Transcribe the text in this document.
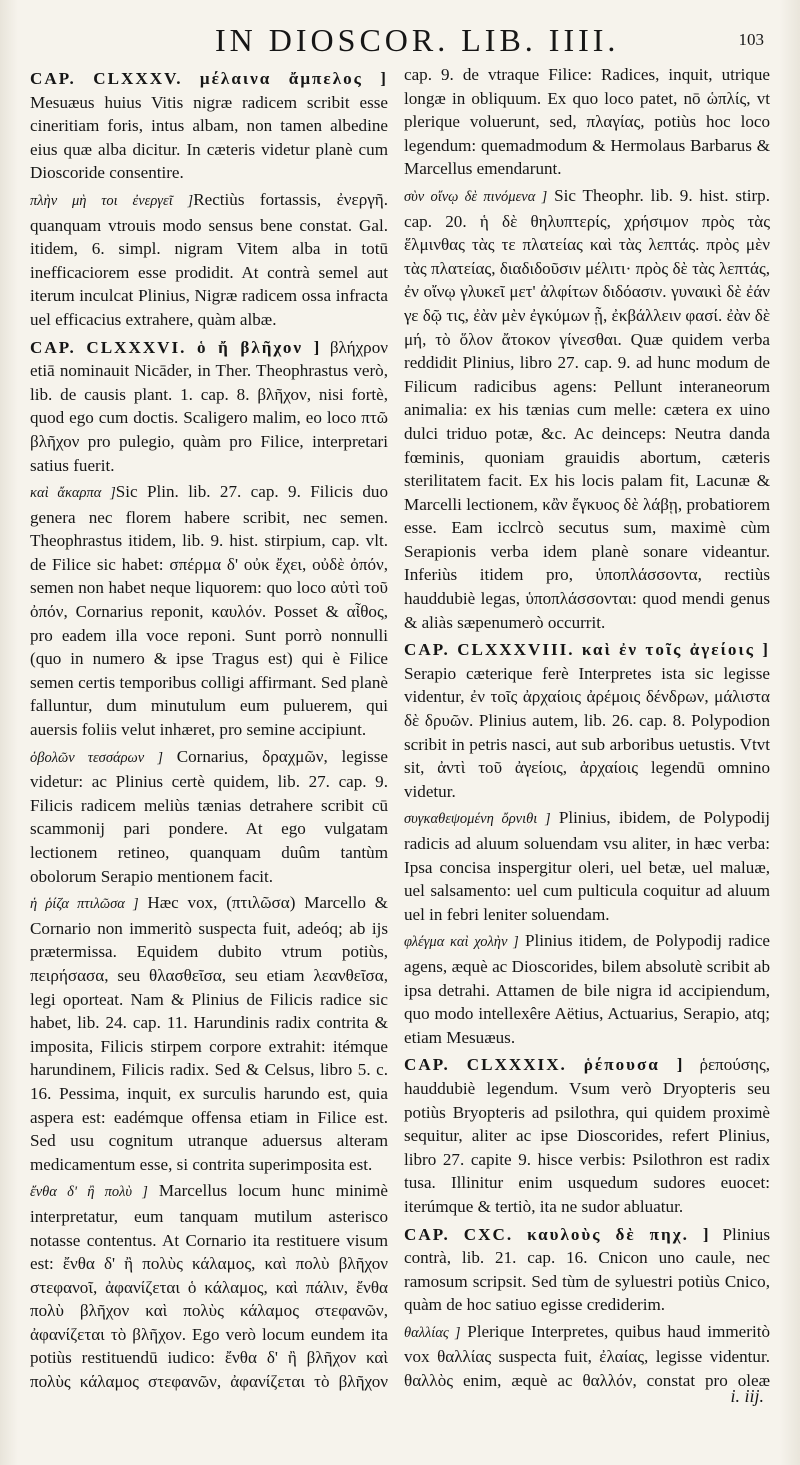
IN DIOSCOR. LIB. IIII.	103

CAP. CLXXXV. μέλαινα ἄμπελος ] Mesuæus huius Vitis nigræ radicem scribit esse cineritiam foris, intus albam, non tamen albedine eius quæ alba dicitur. In cæteris videtur planè cum Dioscoride consentire.

πλὴν μὴ τοι ἐνεργεῖ ]Rectiùs fortassis, ἐνεργῆ. quanquam vtrouis modo sensus bene constat. Gal. itidem, 6. simpl. nigram Vitem alba in totū inefficaciorem esse prodidit. At contrà semel aut iterum inculcat Plinius, Nigræ radicem ossa infracta uel efficacius extrahere, quàm albæ.

CAP. CLXXXVI. ὁ ἤ βλῆχον ] βλήχρον etiā nominauit Nicāder, in Ther. Theophrastus verò, lib. de causis plant. 1. cap. 8. βλῆχον, nisi fortè, quod ego cum doctis. Scaligero malim, eo loco πτῶ βλῆχον pro pulegio, quàm pro Filice, interpretari satius fuerit.

καὶ ἄκαρπα ]Sic Plin. lib. 27. cap. 9. Filicis duo genera nec florem habere scribit, nec semen. Theophrastus itidem, lib. 9. hist. stirpium, cap. vlt. de Filice sic habet: σπέρμα δ' οὐκ ἔχει, οὐδὲ ὀπόν, semen non habet neque liquorem: quo loco αὐτὶ τοῦ ὀπόν, Cornarius reponit, καυλόν. Posset & αἶθος, pro eadem illa voce reponi. Sunt porrò nonnulli (quo in numero & ipse Tragus est) qui è Filice semen certis temporibus colligi affirmant. Sed planè falluntur, dum minutulum eum puluerem, qui auersis foliis velut inhæret, pro semine accipiunt.

ὁβολῶν τεσσάρων ] Cornarius, δραχμῶν, legisse videtur: ac Plinius certè quidem, lib. 27. cap. 9. Filicis radicem meliùs tænias detrahere scribit cū scammonij pari pondere. At ego vulgatam lectionem retineo, quanquam duûm tantùm obolorum Serapio mentionem facit.

ἡ ῥίζα πτιλῶσα ] Hæc vox, (πτιλῶσα) Marcello & Cornario non immeritò suspecta fuit, adeóq; ab ijs prætermissa. Equidem dubito vtrum potiùs, πειρήσασα, seu θλασθεῖσα, seu etiam λεανθεῖσα, legi oporteat. Nam & Plinius de Filicis radice sic habet, lib. 24. cap. 11. Harundinis radix contrita & imposita, Filicis stirpem corpore extrahit: itémque harundinem, Filicis radix. Sed & Celsus, libro 5. c. 16. Pessima, inquit, ex surculis harundo est, quia aspera est: eadémque offensa etiam in Filice est. Sed usu cognitum utranque aduersus alteram medicamentum esse, si contrita superimposita est.

ἔνθα δ' ἢ πολὺ ] Marcellus locum hunc minimè interpretatur, eum tanquam mutilum asterisco notasse contentus. At Cornario ita restituere visum est: ἔνθα δ' ἢ πολὺς κάλαμος, καὶ πολὺ βλῆχον στεφανοῖ, ἀφανίζεται ὁ κάλαμος, καὶ πάλιν, ἔνθα πολὺ βλῆχον καὶ πολὺς κάλαμος στεφανῶν, ἀφανίζεται τὸ βλῆχον. Ego verò locum eundem ita potiùs restituendū iudico: ἔνθα δ' ἢ βλῆχον καὶ πολὺς κάλαμος στεφανῶν, ἀφανίζεται τὸ βλῆχον

cap. 9. de vtraque Filice: Radices, inquit, utrique longæ in obliquum. Ex quo loco patet, nō ὡπλίς, vt plerique voluerunt, sed, πλαγίας, potiùs hoc loco legendum: quemadmodum & Hermolaus Barbarus & Marcellus emendarunt.

σὺν οἴνῳ δὲ πινόμενα ] Sic Theophr. lib. 9. hist. stirp. cap. 20. ἡ δὲ θηλυπτερίς, χρήσιμον πρὸς τὰς ἕλμινθας τὰς τε πλατείας καὶ τὰς λεπτάς. πρὸς μὲν τὰς πλατείας, διαδιδοῦσιν μέλιτι· πρὸς δὲ τὰς λεπτάς, ἐν οἴνῳ γλυκεῖ μετ' ἀλφίτων διδόασιν. γυναικὶ δὲ ἐάν γε δῷ τις, ἐὰν μὲν ἐγκύμων ᾖ, ἐκβάλλειν φασί. ἐὰν δὲ μή, τὸ ὅλον ἄτοκον γίνεσθαι. Quæ quidem verba reddidit Plinius, libro 27. cap. 9. ad hunc modum de Filicum radicibus agens: Pellunt interaneorum animalia: ex his tænias cum melle: cætera ex uino dulci triduo potæ, &c. Ac deinceps: Neutra danda fœminis, quoniam grauidis abortum, cæteris sterilitatem facit. Ex his locis palam fit, Lacunæ & Marcelli lectionem, κἂν ἔγκυος δὲ λάβῃ, probatiorem esse. Eam icclrcò secutus sum, maximè cùm Serapionis verba idem planè sonare videantur. Inferiùs itidem pro, ὑποπλάσσοντα, rectiùs hauddubiè legas, ὑποπλάσσονται: quod mendi genus & aliàs sæpenumerò occurrit.

CAP. CLXXXVIII. καὶ ἐν τοῖς ἀγείοις ] Serapio cæterique ferè Interpretes ista sic legisse videntur, ἐν τοῖς ἀρχαίοις ἀρέμοις δένδρων, μάλιστα δὲ δρυῶν. Plinius autem, lib. 26. cap. 8. Polypodion scribit in petris nasci, aut sub arboribus uetustis. Vtvt sit, ἀντὶ τοῦ ἀγείοις, ἀρχαίοις legendū omnino videtur.

συγκαθεψομένη ὄρνιθι ] Plinius, ibidem, de Polypodij radicis ad aluum soluendam vsu aliter, in hæc verba: Ipsa concisa inspergitur oleri, uel betæ, uel maluæ, uel salsamento: uel cum pulticula coquitur ad aluum uel in febri leniter soluendam.

φλέγμα καὶ χολὴν ] Plinius itidem, de Polypodij radice agens, æquè ac Dioscorides, bilem absolutè scribit ab ipsa detrahi. Attamen de bile nigra id accipiendum, quo modo intellexêre Aëtius, Actuarius, Serapio, atq; etiam Mesuæus.

CAP. CLXXXIX. ῥέπουσα ] ῥεπούσης, hauddubiè legendum. Vsum verò Dryopteris seu potiùs Bryopteris ad psilothra, qui quidem proximè sequitur, aliter ac ipse Dioscorides, refert Plinius, libro 27. capite 9. hisce verbis: Psilothron est radix tusa. Illinitur enim usquedum sudores euocet: iterúmque & tertiò, ita ne sudor abluatur.

CAP. CXC. καυλοὺς δὲ πηχ. ] Plinius contrà, lib. 21. cap. 16. Cnicon uno caule, nec ramosum scripsit. Sed tùm de syluestri potiùs Cnico, quàm de hoc satiuo egisse crediderim.

θαλλίας ] Plerique Interpretes, quibus haud immeritò vox θαλλίας suspecta fuit, ἐλαίας, legisse videntur. θαλλὸς enim, æquè ac θαλλόν, constat pro oleæ

i. iij.
